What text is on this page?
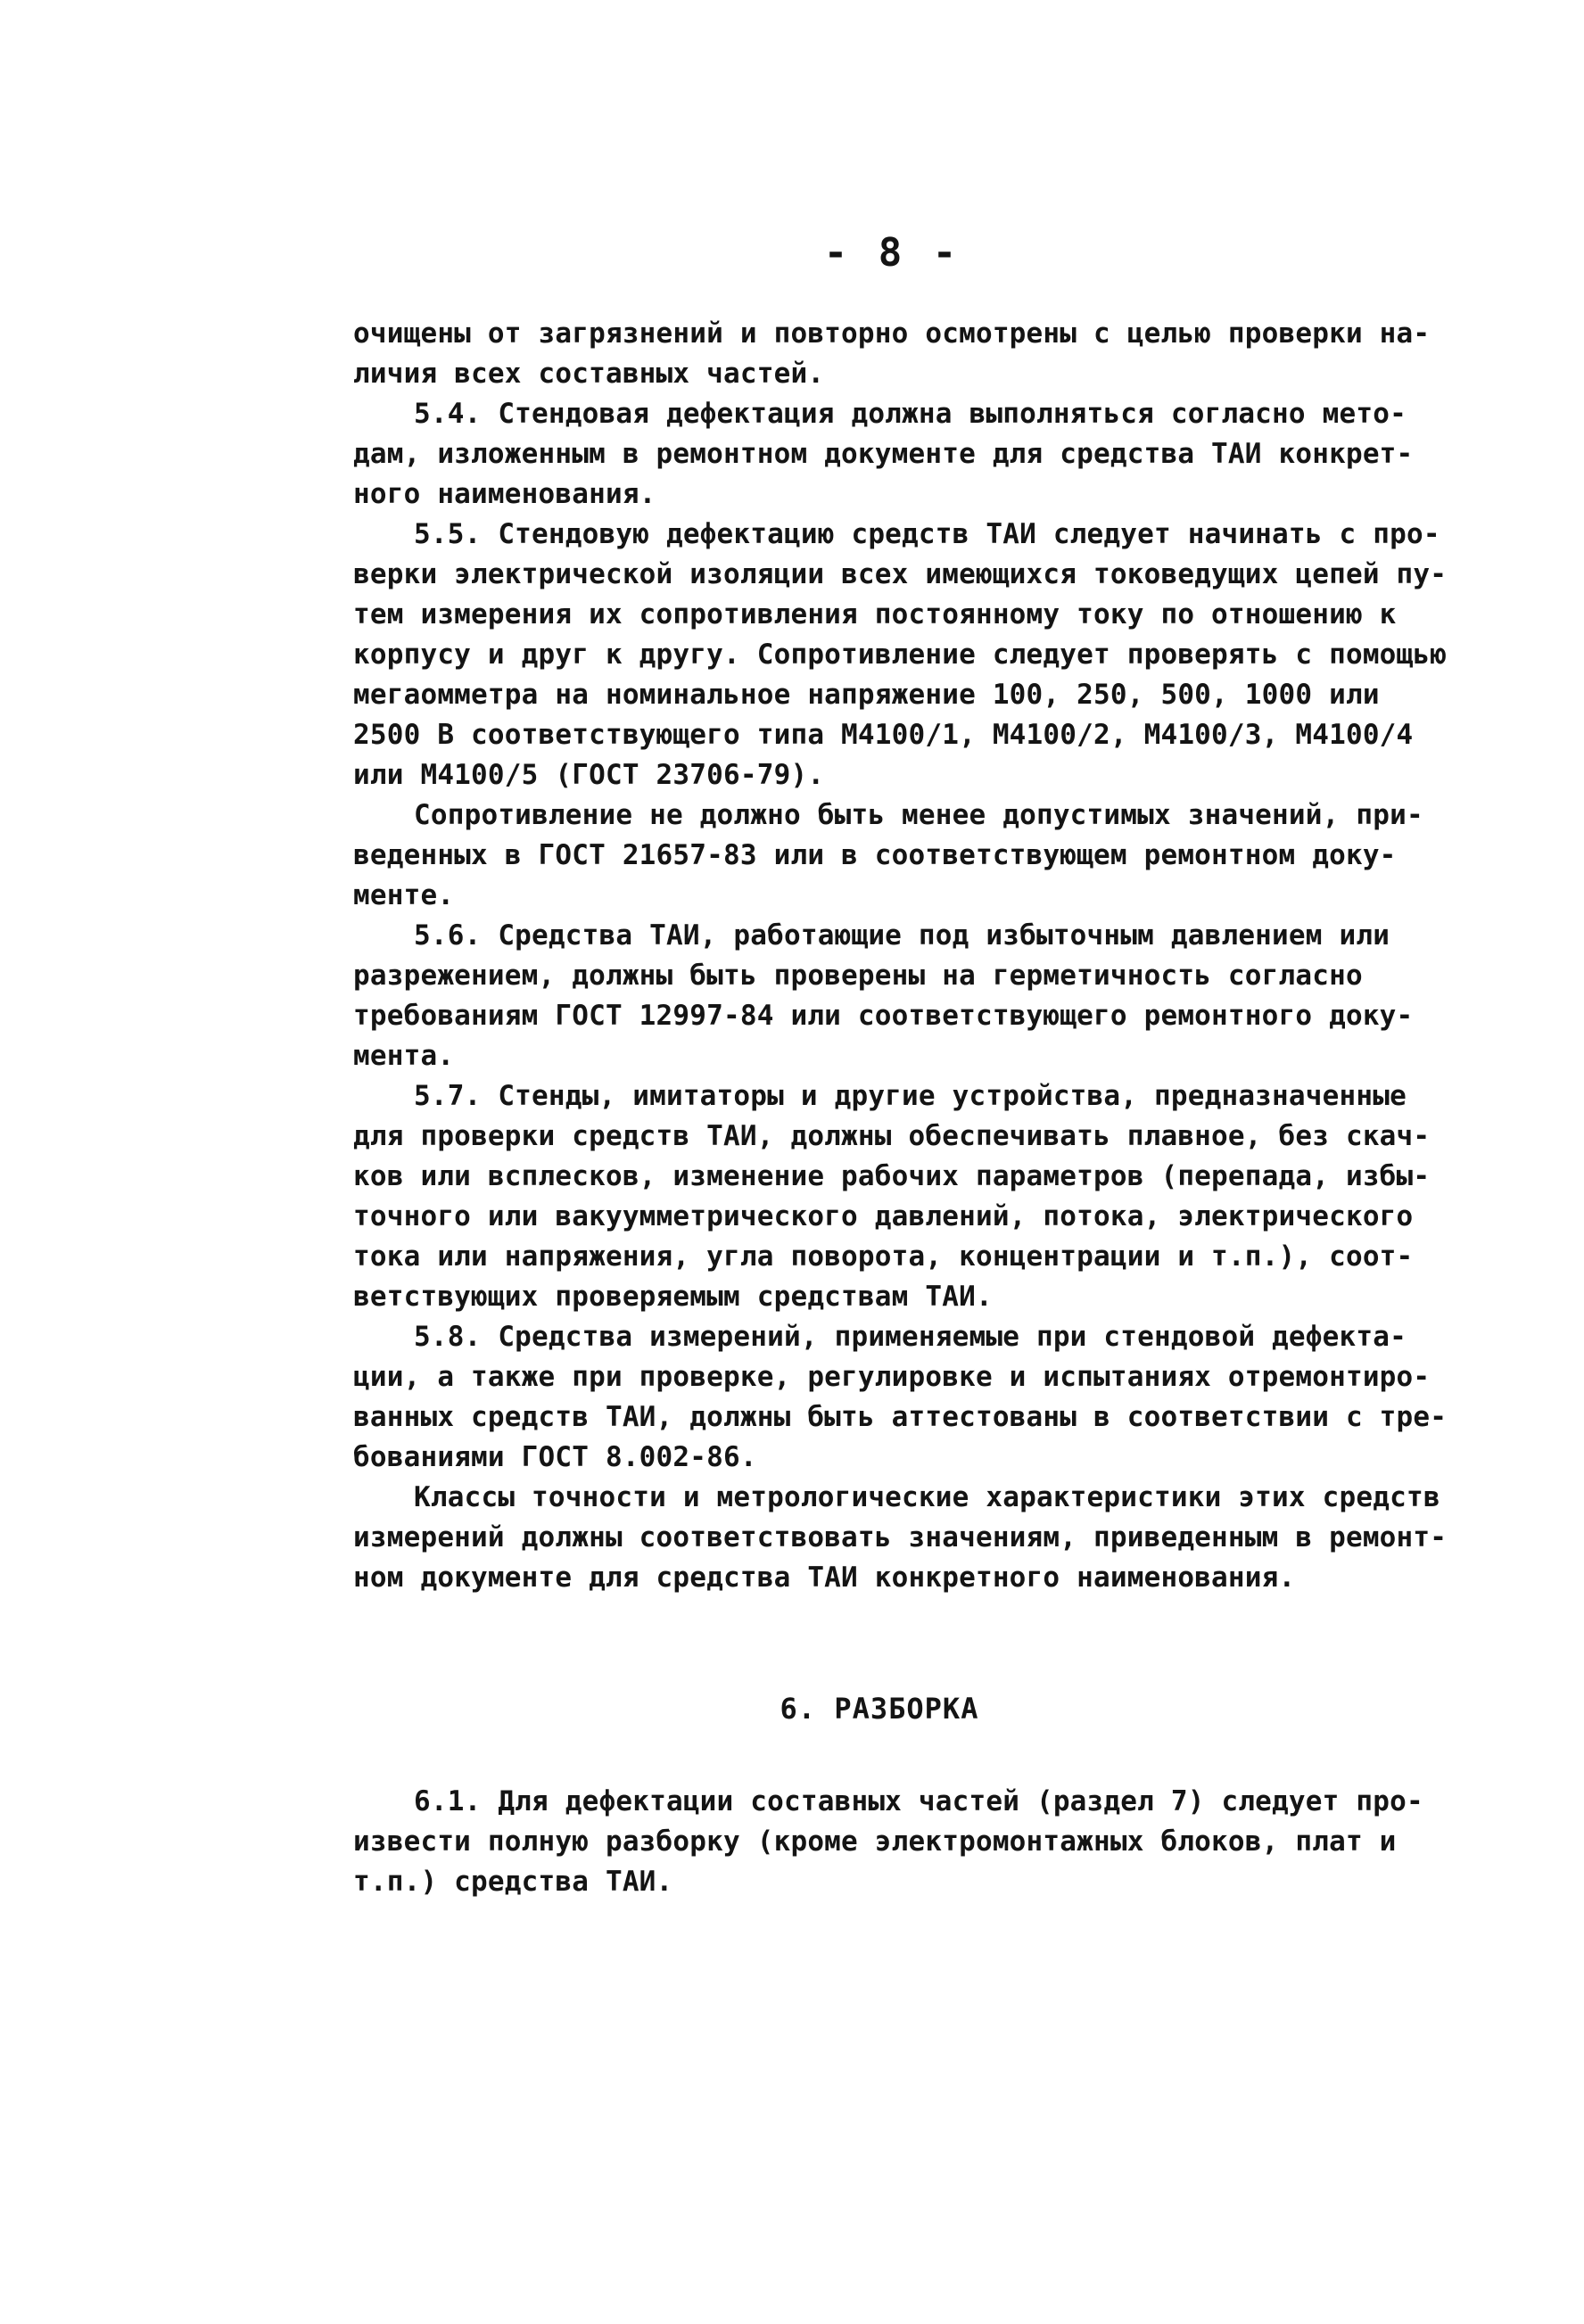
- 8 -
очищены от загрязнений и повторно осмотрены с целью проверки на-
личия всех составных частей.
5.4. Стендовая дефектация должна выполняться согласно мето-
дам, изложенным в ремонтном документе для средства ТАИ конкрет-
ного наименования.
5.5. Стендовую дефектацию средств ТАИ следует начинать с про-
верки электрической изоляции всех имеющихся токоведущих цепей пу-
тем измерения их сопротивления постоянному току по отношению к
корпусу и друг к другу. Сопротивление следует проверять с помощью
мегаомметра на номинальное напряжение 100, 250, 500, 1000 или
2500 В соответствующего типа М4100/1, М4100/2, М4100/3, М4100/4
или М4100/5 (ГОСТ 23706-79).
Сопротивление не должно быть менее допустимых значений, при-
веденных в ГОСТ 21657-83 или в соответствующем ремонтном доку-
менте.
5.6. Средства ТАИ, работающие под избыточным давлением или
разрежением, должны быть проверены на герметичность согласно
требованиям ГОСТ 12997-84 или соответствующего ремонтного доку-
мента.
5.7. Стенды, имитаторы и другие устройства, предназначенные
для проверки средств ТАИ, должны обеспечивать плавное, без скач-
ков или всплесков, изменение рабочих параметров (перепада, избы-
точного или вакуумметрического давлений, потока, электрического
тока или напряжения, угла поворота, концентрации и т.п.), соот-
ветствующих проверяемым средствам ТАИ.
5.8. Средства измерений, применяемые при стендовой дефекта-
ции, а также при проверке, регулировке и испытаниях отремонтиро-
ванных средств ТАИ, должны быть аттестованы в соответствии с тре-
бованиями ГОСТ 8.002-86.
Классы точности и метрологические характеристики этих средств
измерений должны соответствовать значениям, приведенным в ремонт-
ном документе для средства ТАИ конкретного наименования.
6. РАЗБОРКА
6.1. Для дефектации составных частей (раздел 7) следует про-
извести полную разборку (кроме электромонтажных блоков, плат и
т.п.) средства ТАИ.
